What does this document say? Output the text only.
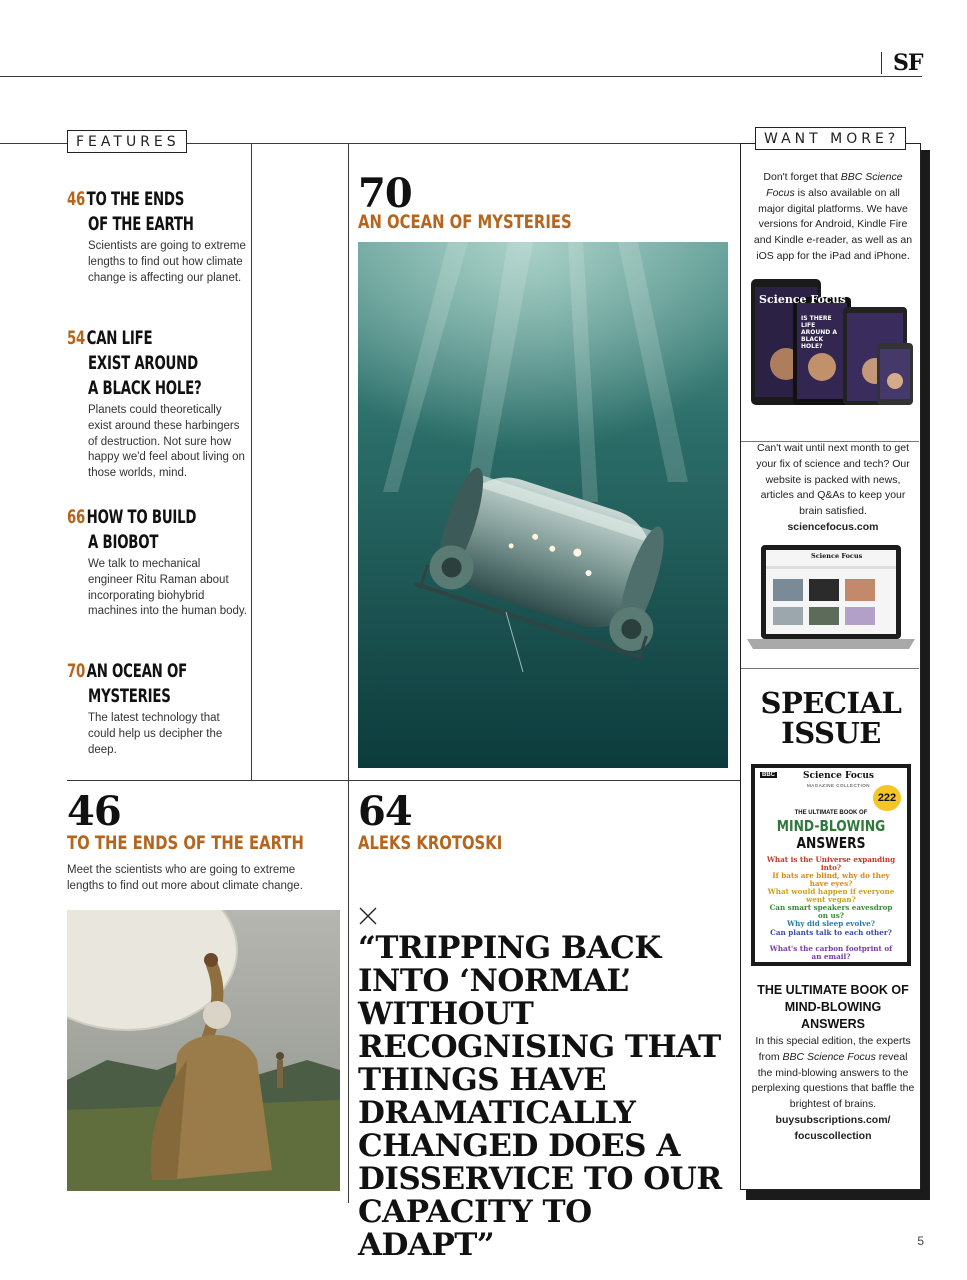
SF
FEATURES
46TO THE ENDS
OF THE EARTH
Scientists are going to extreme lengths to find out how climate change is affecting our planet.
54CAN LIFE
EXIST AROUND
A BLACK HOLE?
Planets could theoretically exist around these harbingers of destruction. Not sure how happy we'd feel about living on those worlds, mind.
66HOW TO BUILD
A BIOBOT
We talk to mechanical engineer Ritu Raman about incorporating biohybrid machines into the human body.
70AN OCEAN OF
MYSTERIES
The latest technology that could help us decipher the deep.
70
AN OCEAN OF MYSTERIES
46
TO THE ENDS OF THE EARTH
Meet the scientists who are going to extreme lengths to find out more about climate change.
64
ALEKS KROTOSKI
“TRIPPING BACK INTO ‘NORMAL’ WITHOUT RECOGNISING THAT THINGS HAVE DRAMATICALLY CHANGED DOES A DISSERVICE TO OUR CAPACITY TO ADAPT”
WANT MORE?
Don't forget that BBC Science Focus is also available on all major digital platforms. We have versions for Android, Kindle Fire and Kindle e-reader, as well as an iOS app for the iPad and iPhone.
Science Focus
IS THERE LIFE AROUND A BLACK HOLE?
Can't wait until next month to get your fix of science and tech? Our website is packed with news, articles and Q&As to keep your brain satisfied.
sciencefocus.com
Science Focus
SPECIAL
ISSUE
BBC	Science Focus
MAGAZINE COLLECTION
222
THE ULTIMATE BOOK OF
MIND-BLOWING
ANSWERS
What is the Universe expanding into?
If bats are blind, why do they have eyes?
What would happen if everyone went vegan?
Can smart speakers eavesdrop on us?
Why did sleep evolve?
Can plants talk to each other?
What's the carbon footprint of an email?
THE ULTIMATE BOOK OF MIND-BLOWING ANSWERS
In this special edition, the experts from BBC Science Focus reveal the mind-blowing answers to the perplexing questions that baffle the brightest of brains.
buysubscriptions.com/
focuscollection
5
